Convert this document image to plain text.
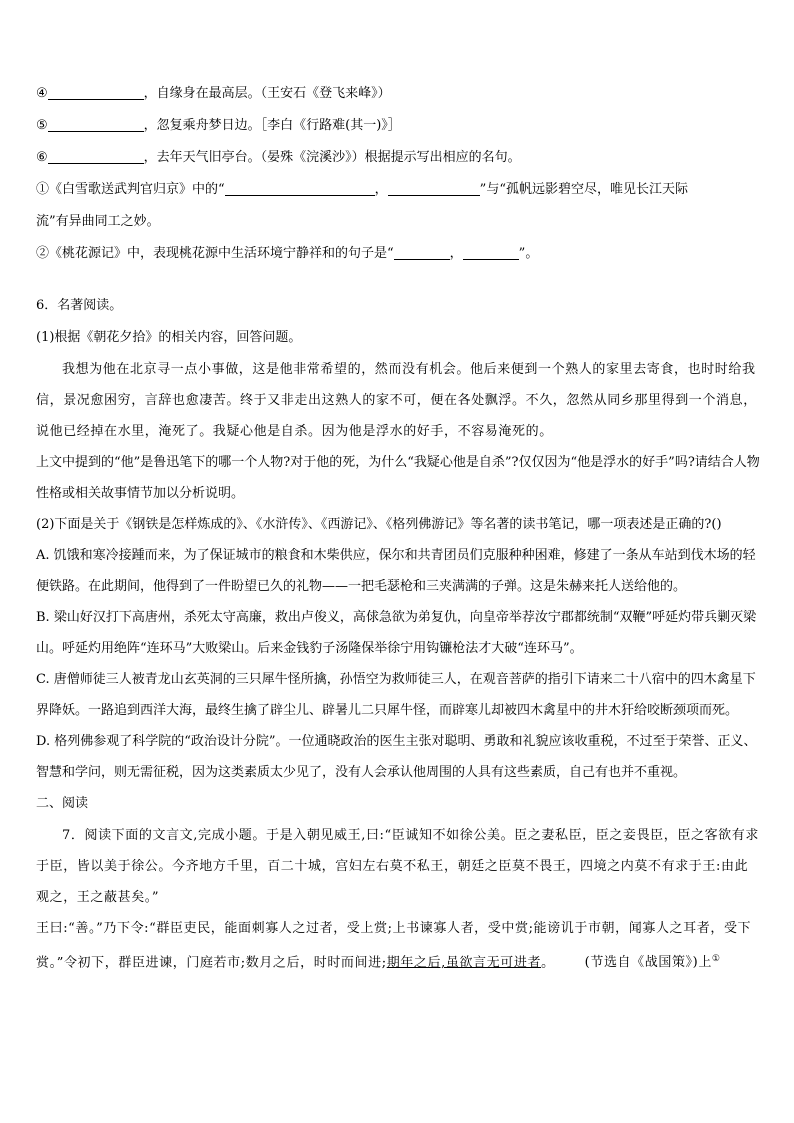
④	，自缘身在最高层。（王安石《登飞来峰》）
⑤	，忽复乘舟梦日边。［李白《行路难(其一)》］
⑥	，去年天气旧亭台。（晏殊《浣溪沙》）根据提示写出相应的名句。
①《白雪歌送武判官归京》中的“	，	”与“孤帆远影碧空尽，唯见长江天际
流”有异曲同工之妙。
②《桃花源记》中，表现桃花源中生活环境宁静祥和的句子是“	，	”。
6．名著阅读。
(1)根据《朝花夕拾》的相关内容，回答问题。
我想为他在北京寻一点小事做，这是他非常希望的，然而没有机会。他后来便到一个熟人的家里去寄食，也时时给我信，景况愈困穷，言辞也愈凄苦。终于又非走出这熟人的家不可，便在各处飘浮。不久，忽然从同乡那里得到一个消息，说他已经掉在水里，淹死了。我疑心他是自杀。因为他是浮水的好手，不容易淹死的。
上文中提到的“他”是鲁迅笔下的哪一个人物?对于他的死，为什么“我疑心他是自杀”?仅仅因为“他是浮水的好手”吗?请结合人物性格或相关故事情节加以分析说明。
(2)下面是关于《钢铁是怎样炼成的》、《水浒传》、《西游记》、《格列佛游记》等名著的读书笔记，哪一项表述是正确的?()
A. 饥饿和寒冷接踵而来，为了保证城市的粮食和木柴供应，保尔和共青团员们克服种种困难，修建了一条从车站到伐木场的轻便铁路。在此期间，他得到了一件盼望已久的礼物——一把毛瑟枪和三夹满满的子弹。这是朱赫来托人送给他的。
B. 梁山好汉打下高唐州，杀死太守高廉，救出卢俊义，高俅急欲为弟复仇，向皇帝举荐汝宁郡都统制“双鞭”呼延灼带兵剿灭梁山。呼延灼用绝阵“连环马”大败梁山。后来金钱豹子汤隆保举徐宁用钩镰枪法才大破“连环马”。
C. 唐僧师徒三人被青龙山玄英洞的三只犀牛怪所擒，孙悟空为救师徒三人，在观音菩萨的指引下请来二十八宿中的四木禽星下界降妖。一路追到西洋大海，最终生擒了辟尘儿、辟暑儿二只犀牛怪，而辟寒儿却被四木禽星中的井木犴给咬断颈项而死。
D. 格列佛参观了科学院的“政治设计分院”。一位通晓政治的医生主张对聪明、勇敢和礼貌应该收重税，不过至于荣誉、正义、智慧和学问，则无需征税，因为这类素质太少见了，没有人会承认他周围的人具有这些素质，自己有也并不重视。
二、阅读
7．阅读下面的文言文,完成小题。于是入朝见威王,曰:“臣诚知不如徐公美。臣之妻私臣，臣之妾畏臣，臣之客欲有求于臣，皆以美于徐公。今齐地方千里，百二十城，宫妇左右莫不私王，朝廷之臣莫不畏王，四境之内莫不有求于王:由此观之，王之蔽甚矣。”
王曰:“善。”乃下令:“群臣吏民，能面刺寡人之过者，受上赏;上书谏寡人者，受中赏;能谤讥于市朝，闻寡人之耳者，受下赏。”令初下，群臣进谏，门庭若市;数月之后，时时而间进;期年之后,虽欲言无可进者。 (节选自《战国策》)上①
